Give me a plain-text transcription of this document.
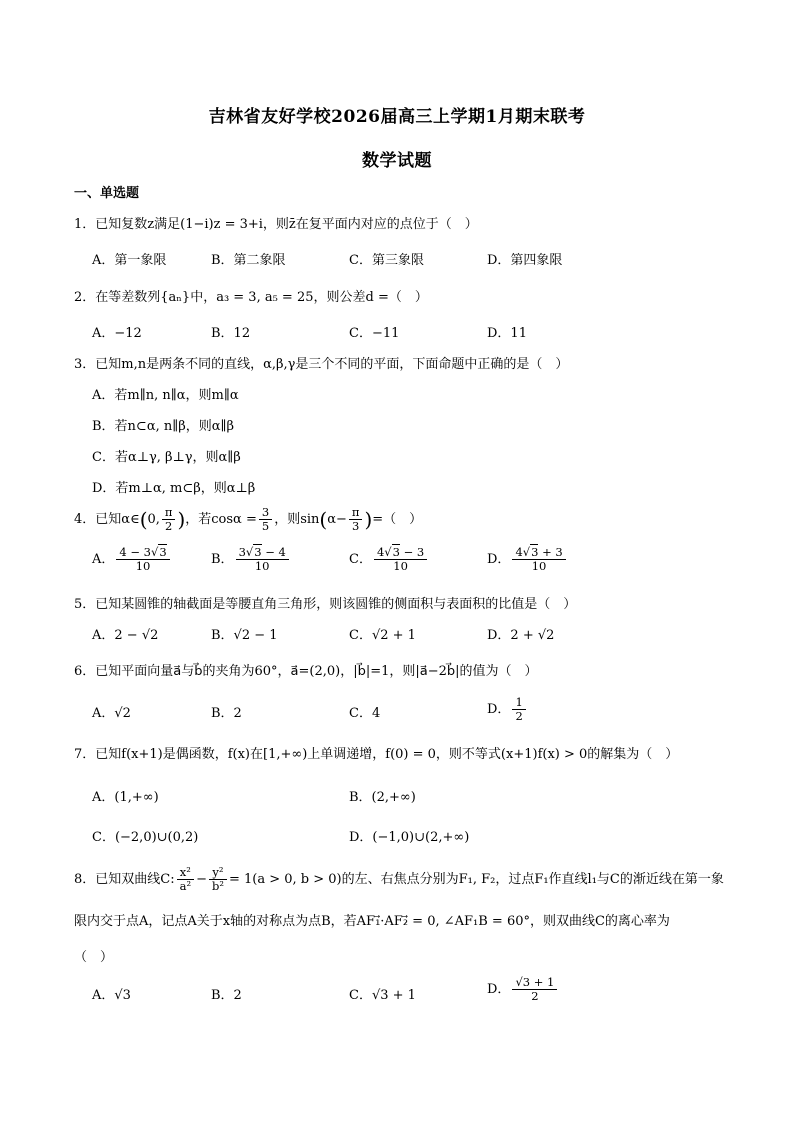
吉林省友好学校2026届高三上学期1月期末联考
数学试题
一、单选题
1．已知复数z满足(1−i)z = 3+i，则z̄在复平面内对应的点位于（　）
A．第一象限	B．第二象限	C．第三象限	D．第四象限
2．在等差数列{aₙ}中，a₃ = 3, a₅ = 25，则公差d =（　）
A．−12	B．12	C．−11	D．11
3．已知m,n是两条不同的直线，α,β,γ是三个不同的平面，下面命题中正确的是（　）
A．若m∥n, n∥α，则m∥α
B．若n⊂α, n∥β，则α∥β
C．若α⊥γ, β⊥γ，则α∥β
D．若m⊥α, m⊂β，则α⊥β
4．已知α∈(0, $\frac{\pi}{2}$ )，若$\cos\alpha = \frac{3}{5}$ ，则$\sin(\alpha- \frac{\pi}{3}$ )=（　）
A． $\frac{4 - 3√3}{10}$	B． $\frac{3√3 - 4}{10}$	C． $\frac{4√3 - 3}{10}$	D． $\frac{4√3 + 3}{10}$
5．已知某圆锥的轴截面是等腰直角三角形，则该圆锥的侧面积与表面积的比值是（　）
A．2 − √2	B．√2 − 1	C．√2 + 1	D．2 + √2
6．已知平面向量a⃗与b⃗的夹角为60°，a⃗=(2,0)，|b⃗|=1，则|a⃗−2b⃗|的值为（　）
A．√2	B．2	C．4	D． $\frac{1}{2}$
7．已知f(x+1)是偶函数，f(x)在[1,+∞)上单调递增，f(0) = 0，则不等式(x+1)f(x) > 0的解集为（　）
A．(1,+∞)	B．(2,+∞)
C．(−2,0)∪(0,2)	D．(−1,0)∪(2,+∞)
8．已知双曲线C: $\frac{\text{x²}}{\text{a²}} - \frac{\text{y²}}{\text{b²}} = 1(a > 0$, b > 0)的左、右焦点分别为F₁, F₂，过点F₁作直线l₁与C的渐近线在第一象
限内交于点A，记点A关于x轴的对称点为点B，若AF₁⃗·AF₂⃗ = 0, ∠AF₁B = 60°，则双曲线C的离心率为
（　）
A．√3	B．2	C．√3 + 1	D． $\frac{√3 + 1}{2}$
